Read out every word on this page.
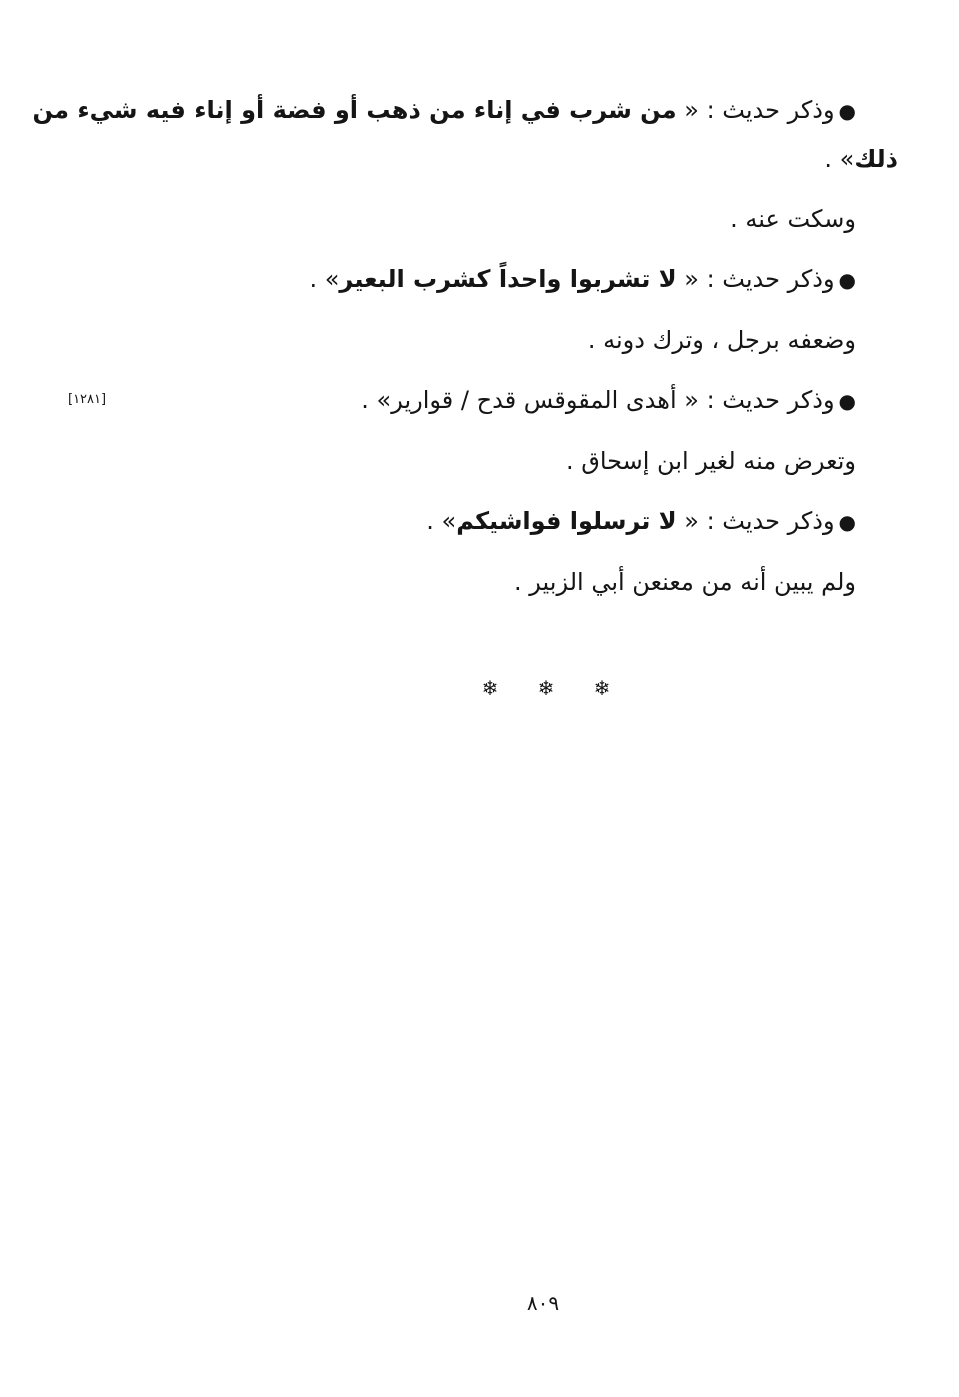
●وذكر حديث : « من شرب في إناء من ذهب أو فضة أو إناء فيه شيء من
ذلك» .

وسكت عنه .

●وذكر حديث : « لا تشربوا واحداً كشرب البعير» .

وضعفه برجل ، وترك دونه .

●وذكر حديث : « أهدى المقوقس قدح / قوارير» .

وتعرض منه لغير ابن إسحاق .

●وذكر حديث : « لا ترسلوا فواشيكم» .

ولم يبين أنه من معنعن أبي الزبير .

[١٢٨١]
❄	❄	❄
٨٠٩
